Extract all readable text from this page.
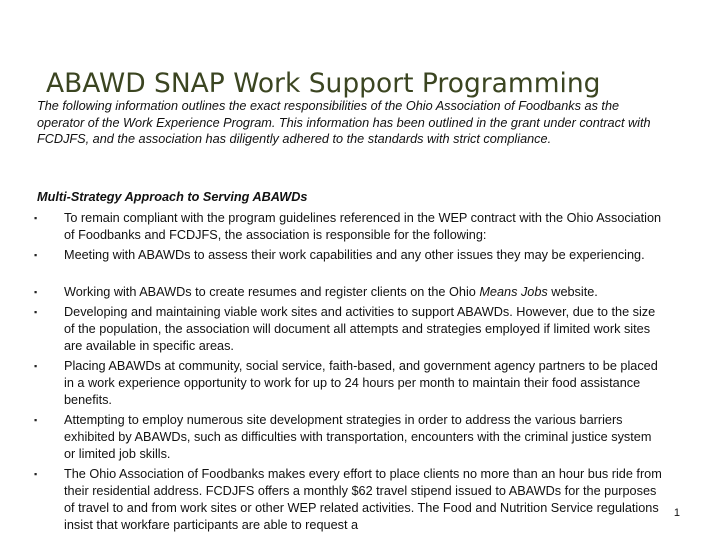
ABAWD SNAP Work Support Programming

The following information outlines the exact responsibilities of the Ohio Association of Foodbanks as the operator of the Work Experience Program. This information has been outlined in the grant under contract with FCDJFS, and the association has diligently adhered to the standards with strict compliance.

Multi-Strategy Approach to Serving ABAWDs

▪ To remain compliant with the program guidelines referenced in the WEP contract with the Ohio Association of Foodbanks and FCDJFS, the association is responsible for the following:
▪ Meeting with ABAWDs to assess their work capabilities and any other issues they may be experiencing.
▪ Working with ABAWDs to create resumes and register clients on the Ohio Means Jobs website.
▪ Developing and maintaining viable work sites and activities to support ABAWDs. However, due to the size of the population, the association will document all attempts and strategies employed if limited work sites are available in specific areas.
▪ Placing ABAWDs at community, social service, faith-based, and government agency partners to be placed in a work experience opportunity to work for up to 24 hours per month to maintain their food assistance benefits.
▪ Attempting to employ numerous site development strategies in order to address the various barriers exhibited by ABAWDs, such as difficulties with transportation, encounters with the criminal justice system or limited job skills.
▪ The Ohio Association of Foodbanks makes every effort to place clients no more than an hour bus ride from their residential address. FCDJFS offers a monthly $62 travel stipend issued to ABAWDs for the purposes of travel to and from work sites or other WEP related activities. The Food and Nutrition Service regulations insist that workfare participants are able to request a
1
